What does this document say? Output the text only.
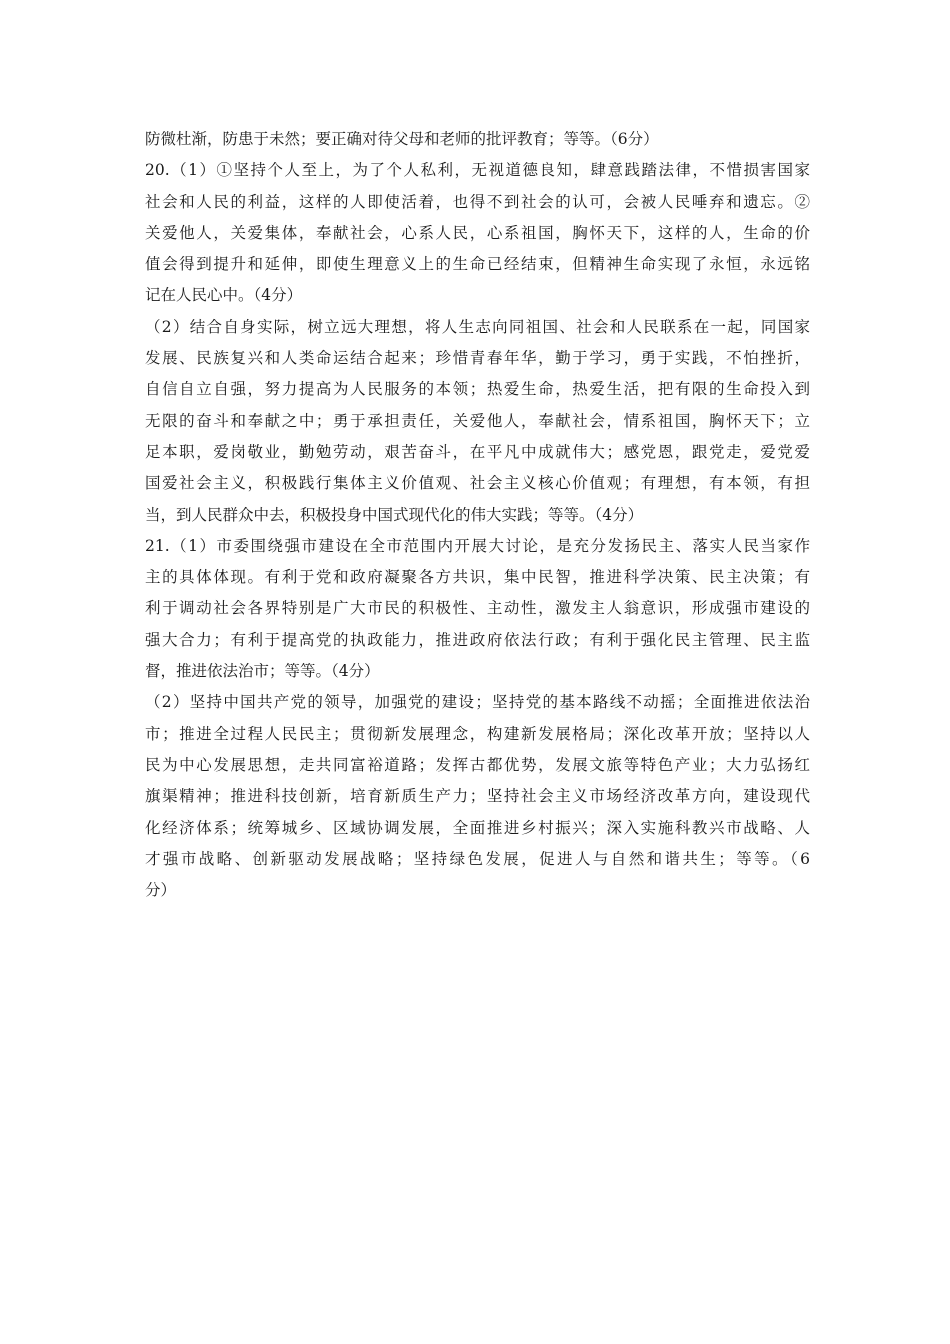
防微杜渐，防患于未然；要正确对待父母和老师的批评教育；等等。（6分）
20.（1）①坚持个人至上，为了个人私利，无视道德良知，肆意践踏法律，不惜损害国家
社会和人民的利益，这样的人即使活着，也得不到社会的认可，会被人民唾弃和遗忘。②
关爱他人，关爱集体，奉献社会，心系人民，心系祖国，胸怀天下，这样的人，生命的价
值会得到提升和延伸，即使生理意义上的生命已经结束，但精神生命实现了永恒，永远铭
记在人民心中。（4分）
（2）结合自身实际，树立远大理想，将人生志向同祖国、社会和人民联系在一起，同国家
发展、民族复兴和人类命运结合起来；珍惜青春年华，勤于学习，勇于实践，不怕挫折，
自信自立自强，努力提高为人民服务的本领；热爱生命，热爱生活，把有限的生命投入到
无限的奋斗和奉献之中；勇于承担责任，关爱他人，奉献社会，情系祖国，胸怀天下；立
足本职，爱岗敬业，勤勉劳动，艰苦奋斗，在平凡中成就伟大；感党恩，跟党走，爱党爱
国爱社会主义，积极践行集体主义价值观、社会主义核心价值观；有理想，有本领，有担
当，到人民群众中去，积极投身中国式现代化的伟大实践；等等。（4分）
21.（1）市委围绕强市建设在全市范围内开展大讨论，是充分发扬民主、落实人民当家作
主的具体体现。有利于党和政府凝聚各方共识，集中民智，推进科学决策、民主决策；有
利于调动社会各界特别是广大市民的积极性、主动性，激发主人翁意识，形成强市建设的
强大合力；有利于提高党的执政能力，推进政府依法行政；有利于强化民主管理、民主监
督，推进依法治市；等等。（4分）
（2）坚持中国共产党的领导，加强党的建设；坚持党的基本路线不动摇；全面推进依法治
市；推进全过程人民民主；贯彻新发展理念，构建新发展格局；深化改革开放；坚持以人
民为中心发展思想，走共同富裕道路；发挥古都优势，发展文旅等特色产业；大力弘扬红
旗渠精神；推进科技创新，培育新质生产力；坚持社会主义市场经济改革方向，建设现代
化经济体系；统筹城乡、区域协调发展，全面推进乡村振兴；深入实施科教兴市战略、人
才强市战略、创新驱动发展战略；坚持绿色发展，促进人与自然和谐共生；等等。（6
分）
